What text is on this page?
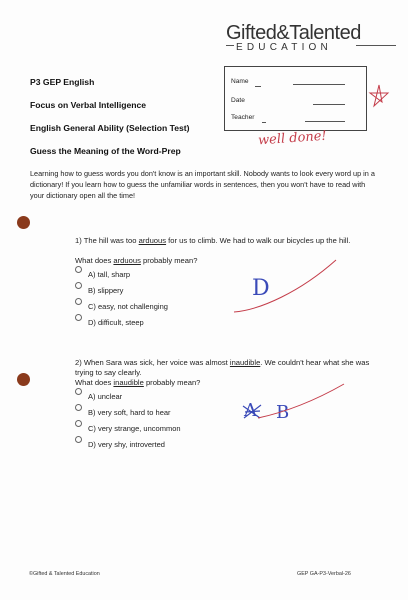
Gifted&Talented
EDUCATION
P3 GEP English
Focus on Verbal Intelligence
English General Ability (Selection Test)
Guess the Meaning of the Word-Prep
Name
Date
Teacher
well done!
Learning how to guess words you don't know is an important skill. Nobody wants to look every word up in a dictionary! If you learn how to guess the unfamiliar words in sentences, then you won't have to read with your dictionary open all the time!
1) The hill was too arduous for us to climb. We had to walk our bicycles up the hill.
What does arduous probably mean?
A) tall, sharp
B) slippery
C) easy, not challenging
D) difficult, steep
D
2) When Sara was sick, her voice was almost inaudible. We couldn't hear what she was trying to say clearly.
What does inaudible probably mean?
A) unclear
B) very soft, hard to hear
C) very strange, uncommon
D) very shy, introverted
A B
©Gifted & Talented Education	GEP GA-P3-Verbal-26
